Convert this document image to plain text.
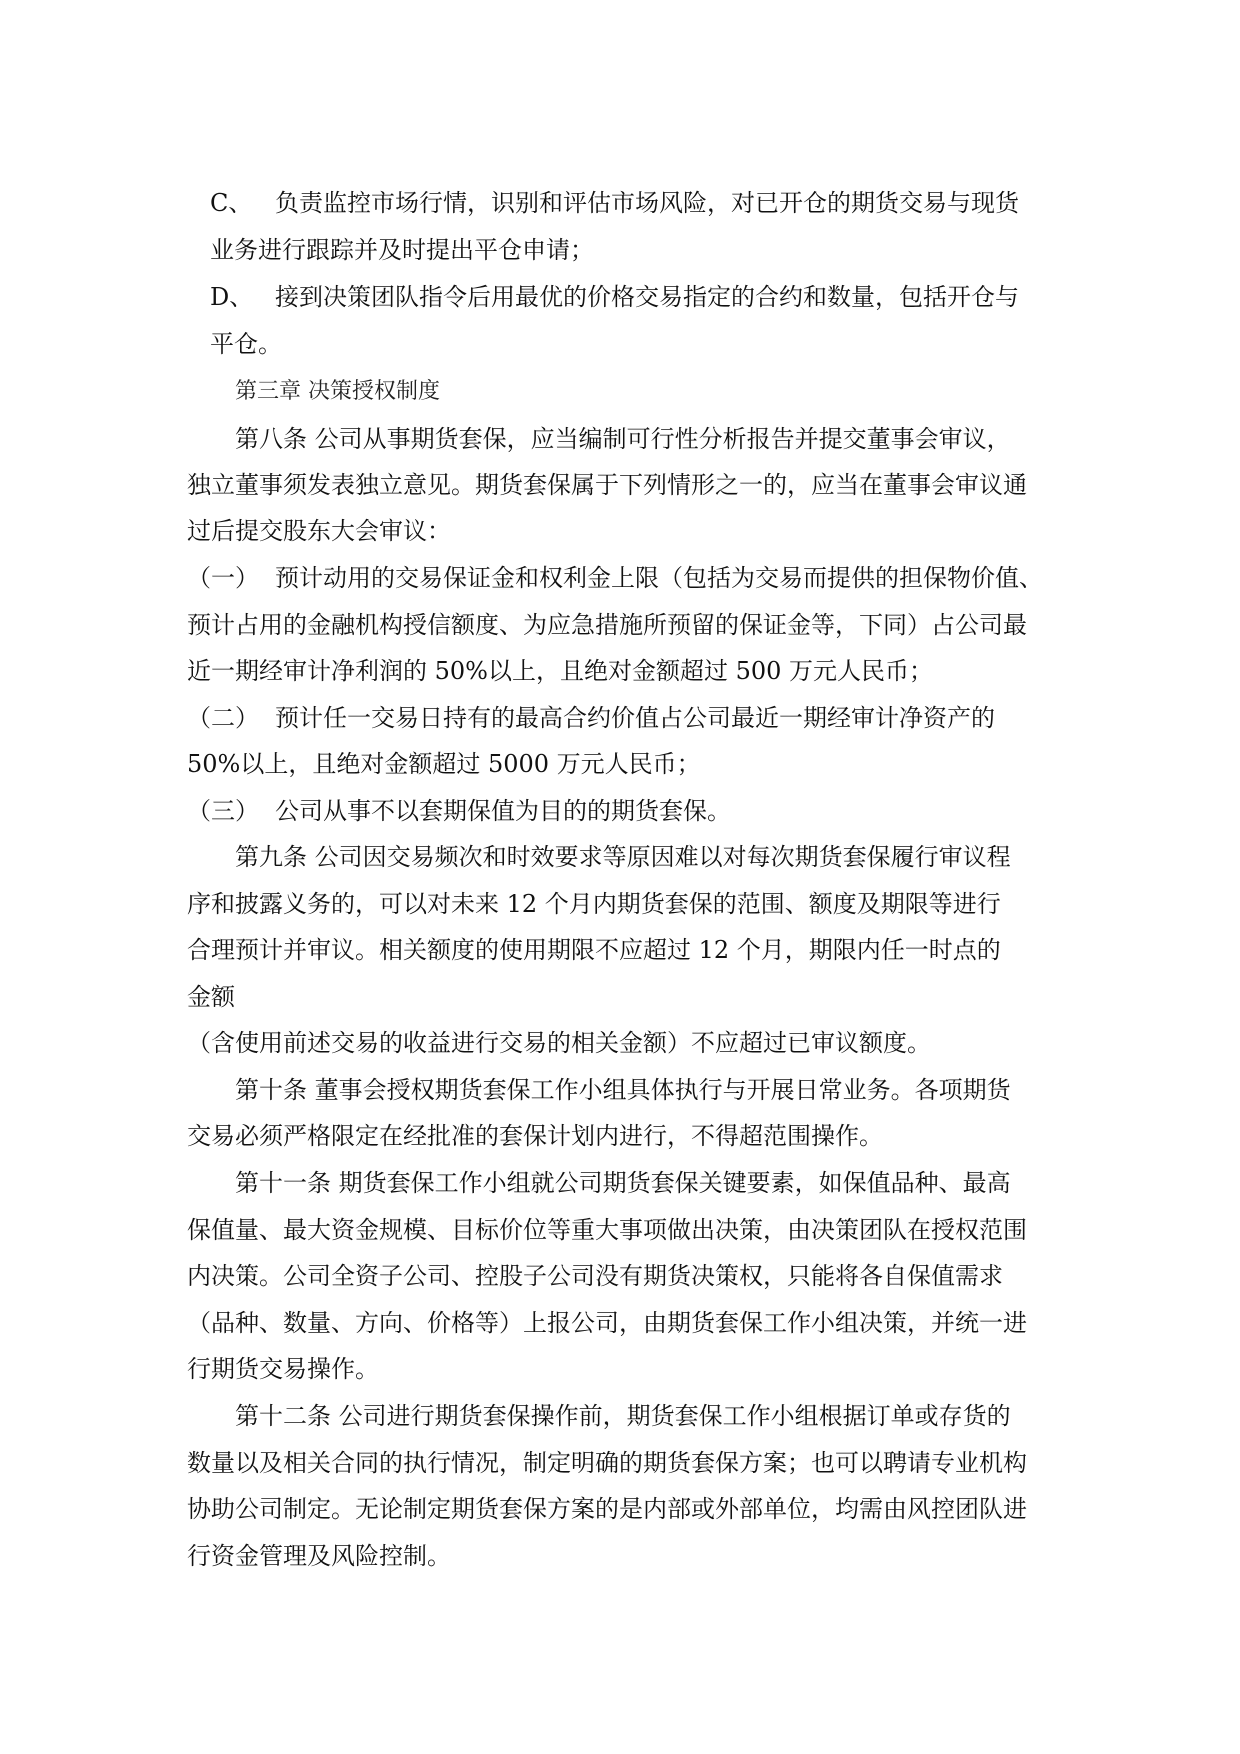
C、 负责监控市场行情，识别和评估市场风险，对已开仓的期货交易与现货
业务进行跟踪并及时提出平仓申请；
D、 接到决策团队指令后用最优的价格交易指定的合约和数量，包括开仓与
平仓。
第三章 决策授权制度
第八条 公司从事期货套保，应当编制可行性分析报告并提交董事会审议，
独立董事须发表独立意见。期货套保属于下列情形之一的，应当在董事会审议通
过后提交股东大会审议：
（一） 预计动用的交易保证金和权利金上限（包括为交易而提供的担保物价值、
预计占用的金融机构授信额度、为应急措施所预留的保证金等，下同）占公司最
近一期经审计净利润的 50%以上，且绝对金额超过 500 万元人民币；
（二） 预计任一交易日持有的最高合约价值占公司最近一期经审计净资产的
50%以上，且绝对金额超过 5000 万元人民币；
（三） 公司从事不以套期保值为目的的期货套保。
第九条 公司因交易频次和时效要求等原因难以对每次期货套保履行审议程
序和披露义务的，可以对未来 12 个月内期货套保的范围、额度及期限等进行
合理预计并审议。相关额度的使用期限不应超过 12 个月，期限内任一时点的
金额
（含使用前述交易的收益进行交易的相关金额）不应超过已审议额度。
第十条 董事会授权期货套保工作小组具体执行与开展日常业务。各项期货
交易必须严格限定在经批准的套保计划内进行，不得超范围操作。
第十一条 期货套保工作小组就公司期货套保关键要素，如保值品种、最高
保值量、最大资金规模、目标价位等重大事项做出决策，由决策团队在授权范围
内决策。公司全资子公司、控股子公司没有期货决策权，只能将各自保值需求
（品种、数量、方向、价格等）上报公司，由期货套保工作小组决策，并统一进
行期货交易操作。
第十二条 公司进行期货套保操作前，期货套保工作小组根据订单或存货的
数量以及相关合同的执行情况，制定明确的期货套保方案；也可以聘请专业机构
协助公司制定。无论制定期货套保方案的是内部或外部单位，均需由风控团队进
行资金管理及风险控制。
